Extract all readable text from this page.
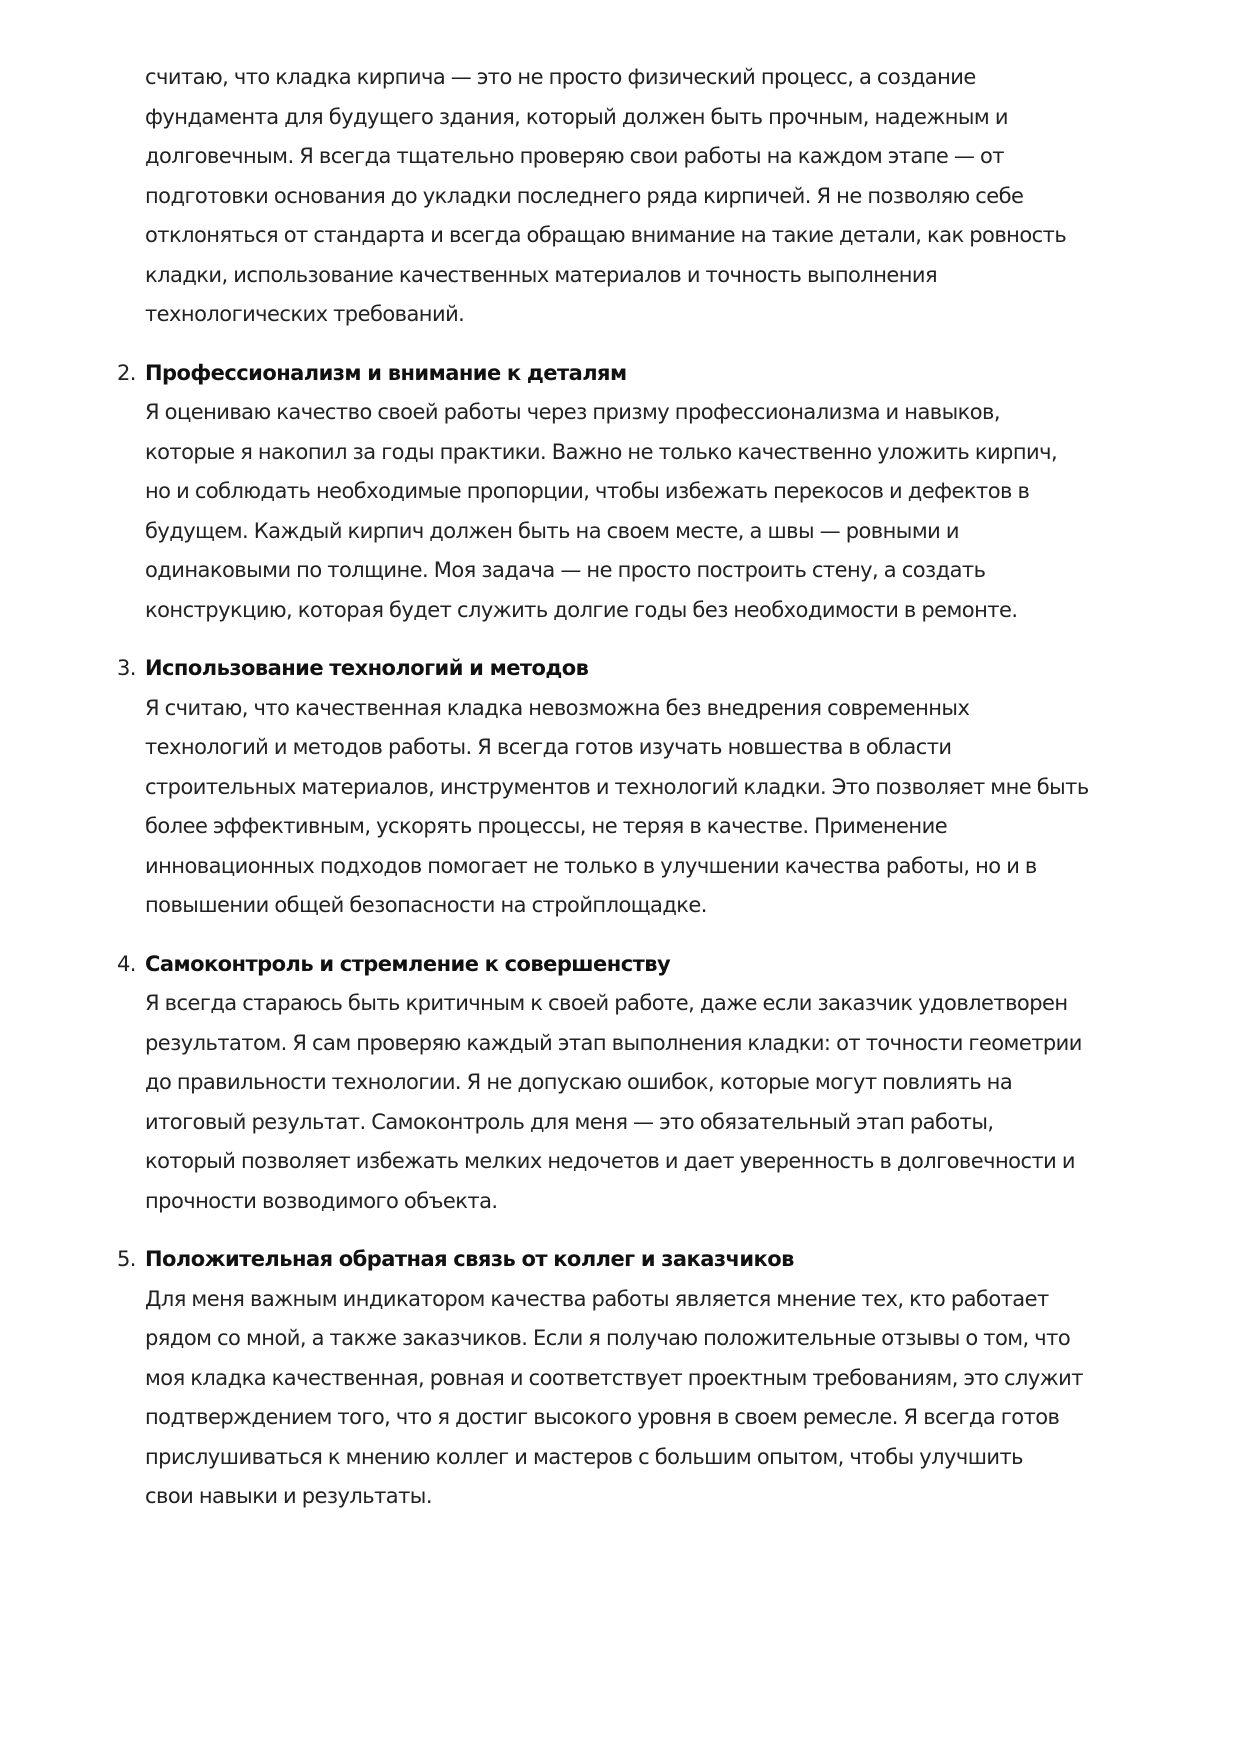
считаю, что кладка кирпича — это не просто физический процесс, а создание
фундамента для будущего здания, который должен быть прочным, надежным и
долговечным. Я всегда тщательно проверяю свои работы на каждом этапе — от
подготовки основания до укладки последнего ряда кирпичей. Я не позволяю себе
отклоняться от стандарта и всегда обращаю внимание на такие детали, как ровность
кладки, использование качественных материалов и точность выполнения
технологических требований.

2. Профессионализм и внимание к деталям
Я оцениваю качество своей работы через призму профессионализма и навыков,
которые я накопил за годы практики. Важно не только качественно уложить кирпич,
но и соблюдать необходимые пропорции, чтобы избежать перекосов и дефектов в
будущем. Каждый кирпич должен быть на своем месте, а швы — ровными и
одинаковыми по толщине. Моя задача — не просто построить стену, а создать
конструкцию, которая будет служить долгие годы без необходимости в ремонте.
3. Использование технологий и методов
Я считаю, что качественная кладка невозможна без внедрения современных
технологий и методов работы. Я всегда готов изучать новшества в области
строительных материалов, инструментов и технологий кладки. Это позволяет мне быть
более эффективным, ускорять процессы, не теряя в качестве. Применение
инновационных подходов помогает не только в улучшении качества работы, но и в
повышении общей безопасности на стройплощадке.
4. Самоконтроль и стремление к совершенству
Я всегда стараюсь быть критичным к своей работе, даже если заказчик удовлетворен
результатом. Я сам проверяю каждый этап выполнения кладки: от точности геометрии
до правильности технологии. Я не допускаю ошибок, которые могут повлиять на
итоговый результат. Самоконтроль для меня — это обязательный этап работы,
который позволяет избежать мелких недочетов и дает уверенность в долговечности и
прочности возводимого объекта.
5. Положительная обратная связь от коллег и заказчиков
Для меня важным индикатором качества работы является мнение тех, кто работает
рядом со мной, а также заказчиков. Если я получаю положительные отзывы о том, что
моя кладка качественная, ровная и соответствует проектным требованиям, это служит
подтверждением того, что я достиг высокого уровня в своем ремесле. Я всегда готов
прислушиваться к мнению коллег и мастеров с большим опытом, чтобы улучшить
свои навыки и результаты.
